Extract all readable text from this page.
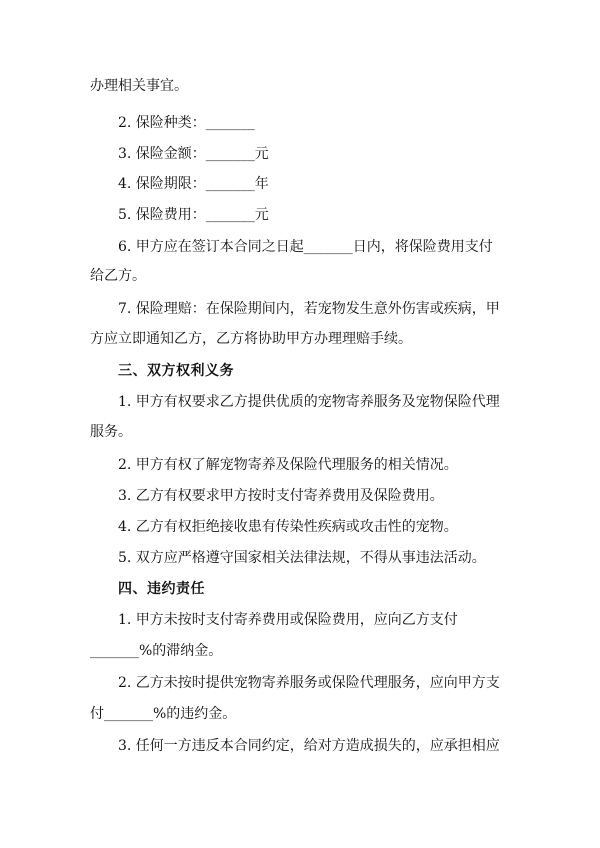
办理相关事宜。
2. 保险种类：_______
3. 保险金额：_______元
4. 保险期限：_______年
5. 保险费用：_______元
6. 甲方应在签订本合同之日起_______日内，将保险费用支付
给乙方。
7. 保险理赔：在保险期间内，若宠物发生意外伤害或疾病，甲
方应立即通知乙方，乙方将协助甲方办理理赔手续。
三、双方权利义务
1. 甲方有权要求乙方提供优质的宠物寄养服务及宠物保险代理
服务。
2. 甲方有权了解宠物寄养及保险代理服务的相关情况。
3. 乙方有权要求甲方按时支付寄养费用及保险费用。
4. 乙方有权拒绝接收患有传染性疾病或攻击性的宠物。
5. 双方应严格遵守国家相关法律法规，不得从事违法活动。
四、违约责任
1. 甲方未按时支付寄养费用或保险费用，应向乙方支付
_______%的滞纳金。
2. 乙方未按时提供宠物寄养服务或保险代理服务，应向甲方支
付_______%的违约金。
3. 任何一方违反本合同约定，给对方造成损失的，应承担相应
